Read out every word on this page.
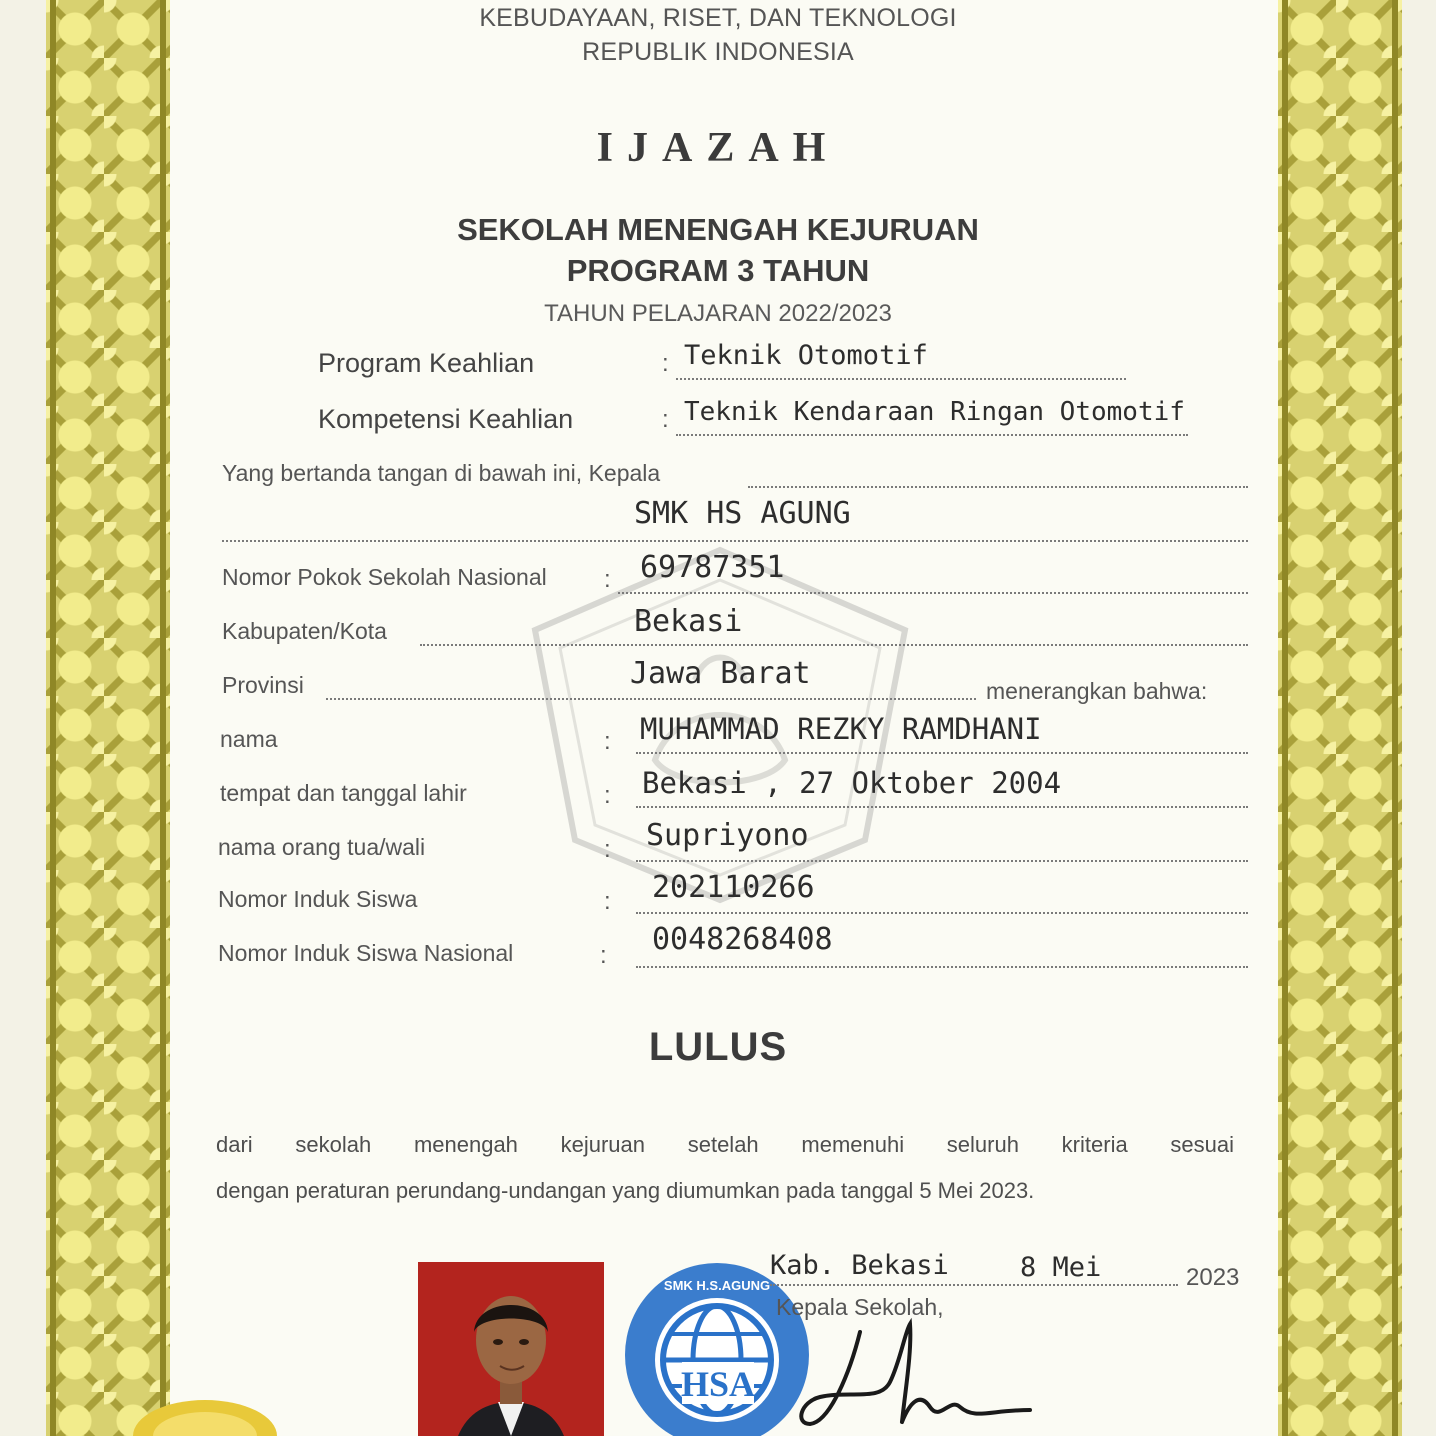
KEBUDAYAAN, RISET, DAN TEKNOLOGI
REPUBLIK INDONESIA
IJAZAH
SEKOLAH MENENGAH KEJURUAN
PROGRAM 3 TAHUN
TAHUN PELAJARAN 2022/2023
Program Keahlian	: Teknik Otomotif
Kompetensi Keahlian	: Teknik Kendaraan Ringan Otomotif
Yang bertanda tangan di bawah ini, Kepala
SMK HS AGUNG
Nomor Pokok Sekolah Nasional : 69787351
Kabupaten/Kota	Bekasi
Provinsi	Jawa Barat	menerangkan bahwa:
nama	: MUHAMMAD REZKY RAMDHANI
tempat dan tanggal lahir	: Bekasi , 27 Oktober 2004
nama orang tua/wali	: Supriyono
Nomor Induk Siswa	: 202110266
Nomor Induk Siswa Nasional	: 0048268408
LULUS
dari sekolah menengah kejuruan setelah memenuhi seluruh kriteria sesuai
dengan peraturan perundang-undangan yang diumumkan pada tanggal 5 Mei 2023.
HSA
SMK H.S.AGUNG
Kab. Bekasi	8 Mei	2023
Kepala Sekolah,
